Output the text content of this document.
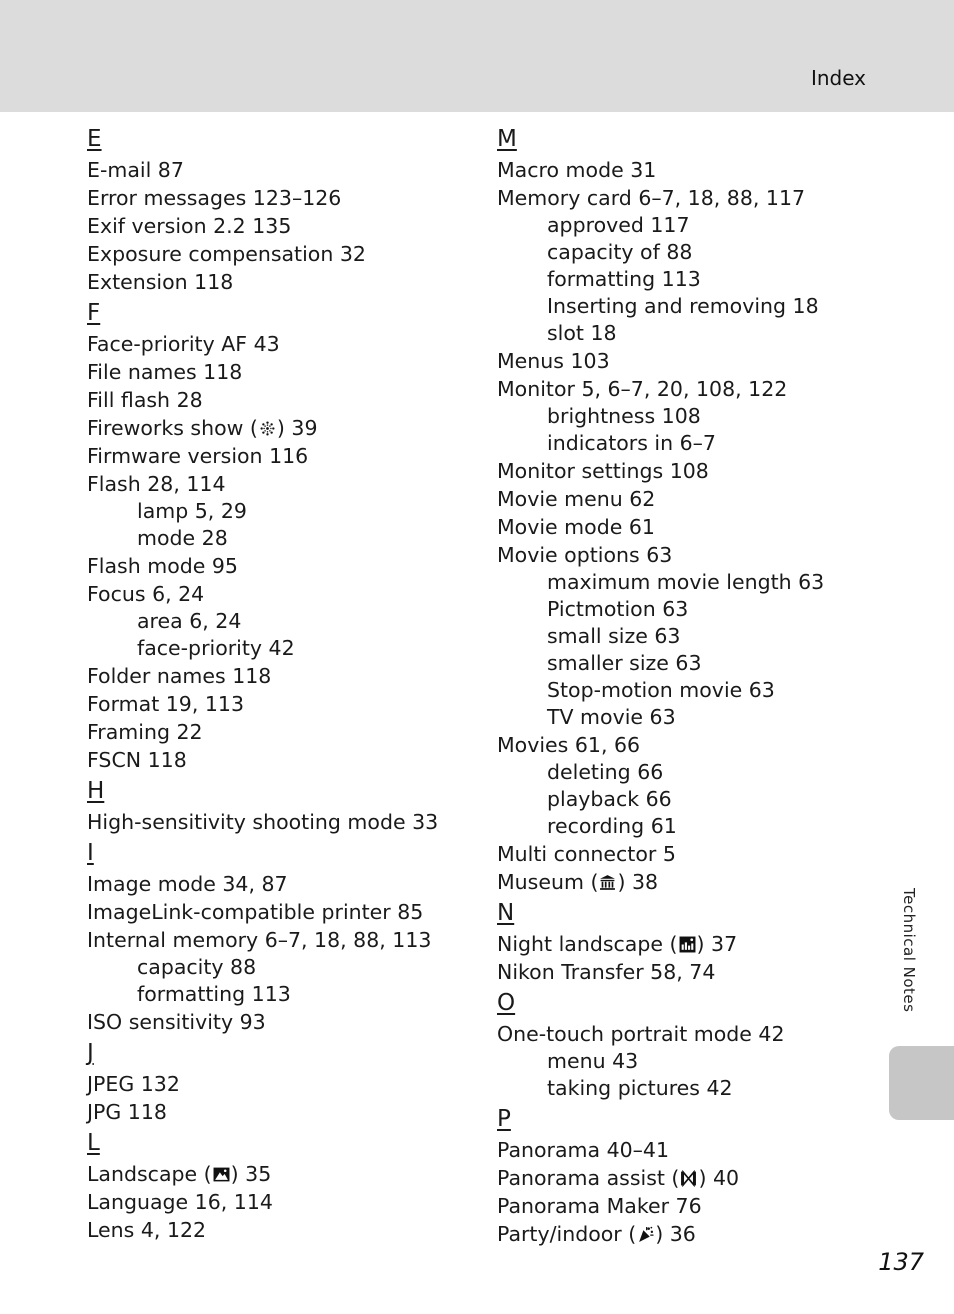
Index
E
E-mail 87
Error messages 123–126
Exif version 2.2 135
Exposure compensation 32
Extension 118
F
Face-priority AF 43
File names 118
Fill flash 28
Fireworks show ( ) 39
Firmware version 116
Flash 28, 114
lamp 5, 29
mode 28
Flash mode 95
Focus 6, 24
area 6, 24
face-priority 42
Folder names 118
Format 19, 113
Framing 22
FSCN 118
H
High-sensitivity shooting mode 33
I
Image mode 34, 87
ImageLink-compatible printer 85
Internal memory 6–7, 18, 88, 113
capacity 88
formatting 113
ISO sensitivity 93
J
JPEG 132
JPG 118
L
Landscape ( ) 35
Language 16, 114
Lens 4, 122
M
Macro mode 31
Memory card 6–7, 18, 88, 117
approved 117
capacity of 88
formatting 113
Inserting and removing 18
slot 18
Menus 103
Monitor 5, 6–7, 20, 108, 122
brightness 108
indicators in 6–7
Monitor settings 108
Movie menu 62
Movie mode 61
Movie options 63
maximum movie length 63
Pictmotion 63
small size 63
smaller size 63
Stop-motion movie 63
TV movie 63
Movies 61, 66
deleting 66
playback 66
recording 61
Multi connector 5
Museum ( ) 38
N
Night landscape ( ) 37
Nikon Transfer 58, 74
O
One-touch portrait mode 42
menu 43
taking pictures 42
P
Panorama 40–41
Panorama assist ( ) 40
Panorama Maker 76
Party/indoor ( ) 36
Technical Notes
137
